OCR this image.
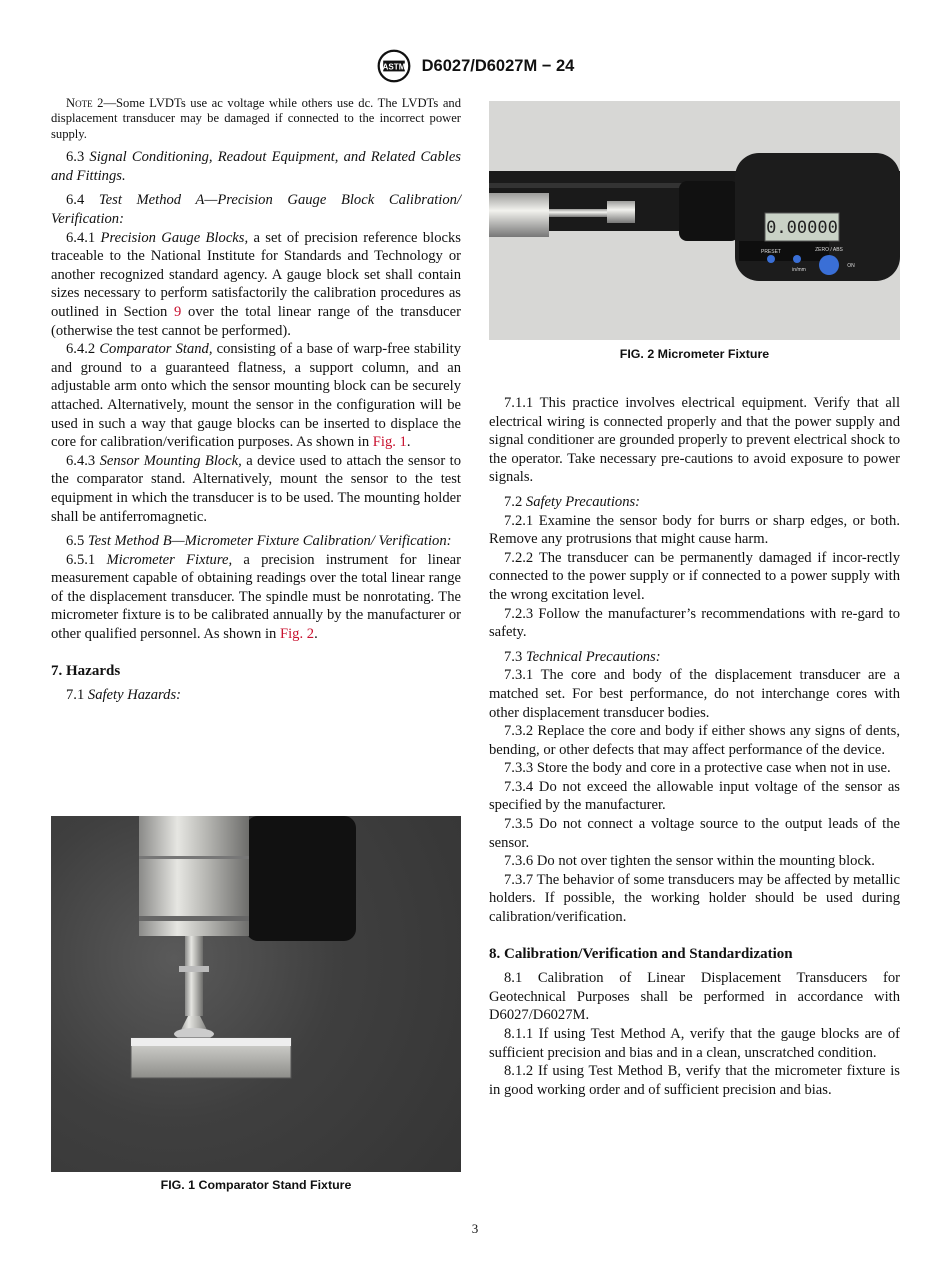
ASTM D6027/D6027M − 24

Note 2—Some LVDTs use ac voltage while others use dc. The LVDTs and displacement transducer may be damaged if connected to the incorrect power supply.

6.3 Signal Conditioning, Readout Equipment, and Related Cables and Fittings.

6.4 Test Method A—Precision Gauge Block Calibration/ Verification:

6.4.1 Precision Gauge Blocks, a set of precision reference blocks traceable to the National Institute for Standards and Technology or another recognized standard agency. A gauge block set shall contain sizes necessary to perform satisfactorily the calibration procedures as outlined in Section 9 over the total linear range of the transducer (otherwise the test cannot be performed).

6.4.2 Comparator Stand, consisting of a base of warp-free stability and ground to a guaranteed flatness, a support column, and an adjustable arm onto which the sensor mounting block can be securely attached. Alternatively, mount the sensor in the configuration will be used in such a way that gauge blocks can be inserted to displace the core for calibration/verification purposes. As shown in Fig. 1.

6.4.3 Sensor Mounting Block, a device used to attach the sensor to the comparator stand. Alternatively, mount the sensor to the test equipment in which the transducer is to be used. The mounting holder shall be antiferromagnetic.

6.5 Test Method B—Micrometer Fixture Calibration/ Verification:

6.5.1 Micrometer Fixture, a precision instrument for linear measurement capable of obtaining readings over the total linear range of the displacement transducer. The spindle must be nonrotating. The micrometer fixture is to be calibrated annually by the manufacturer or other qualified personnel. As shown in Fig. 2.

7. Hazards

7.1 Safety Hazards:

FIG. 1 Comparator Stand Fixture
0.00000
PRESET
in/mm
ZERO / ABS
ON
FIG. 2 Micrometer Fixture

7.1.1 This practice involves electrical equipment. Verify that all electrical wiring is connected properly and that the power supply and signal conditioner are grounded properly to prevent electrical shock to the operator. Take necessary pre-cautions to avoid exposure to power signals.

7.2 Safety Precautions:

7.2.1 Examine the sensor body for burrs or sharp edges, or both. Remove any protrusions that might cause harm.

7.2.2 The transducer can be permanently damaged if incor-rectly connected to the power supply or if connected to a power supply with the wrong excitation level.

7.2.3 Follow the manufacturer’s recommendations with re-gard to safety.

7.3 Technical Precautions:

7.3.1 The core and body of the displacement transducer are a matched set. For best performance, do not interchange cores with other displacement transducer bodies.

7.3.2 Replace the core and body if either shows any signs of dents, bending, or other defects that may affect performance of the device.

7.3.3 Store the body and core in a protective case when not in use.

7.3.4 Do not exceed the allowable input voltage of the sensor as specified by the manufacturer.

7.3.5 Do not connect a voltage source to the output leads of the sensor.

7.3.6 Do not over tighten the sensor within the mounting block.

7.3.7 The behavior of some transducers may be affected by metallic holders. If possible, the working holder should be used during calibration/verification.

8. Calibration/Verification and Standardization

8.1 Calibration of Linear Displacement Transducers for Geotechnical Purposes shall be performed in accordance with D6027/D6027M.

8.1.1 If using Test Method A, verify that the gauge blocks are of sufficient precision and bias and in a clean, unscratched condition.

8.1.2 If using Test Method B, verify that the micrometer fixture is in good working order and of sufficient precision and bias.

3
